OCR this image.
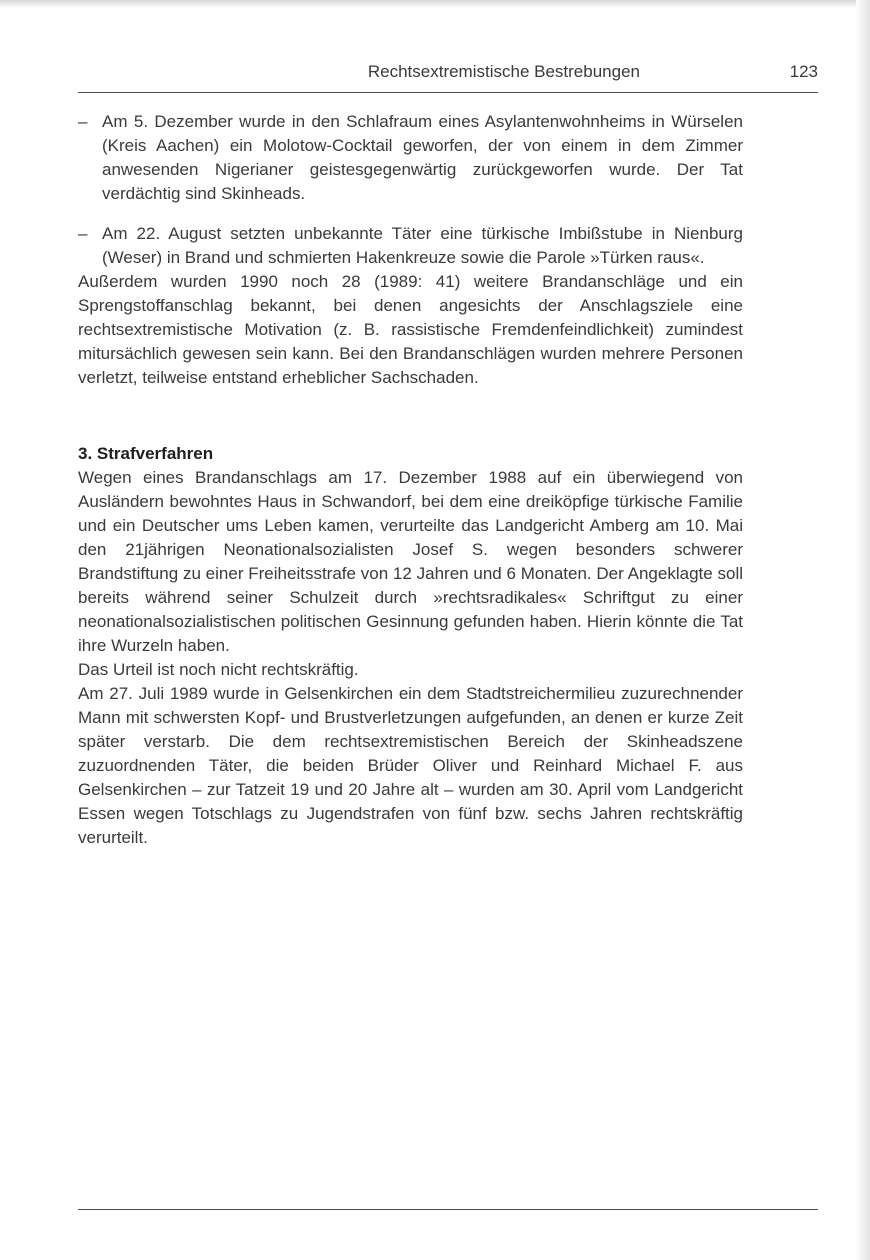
Rechtsextremistische Bestrebungen	123
– Am 5. Dezember wurde in den Schlafraum eines Asylantenwohnheims in Würselen (Kreis Aachen) ein Molotow-Cocktail geworfen, der von einem in dem Zimmer anwesenden Nigerianer geistesgegenwärtig zurückgeworfen wurde. Der Tat verdächtig sind Skinheads.

– Am 22. August setzten unbekannte Täter eine türkische Imbißstube in Nienburg (Weser) in Brand und schmierten Hakenkreuze sowie die Parole »Türken raus«.

Außerdem wurden 1990 noch 28 (1989: 41) weitere Brandanschläge und ein Sprengstoffanschlag bekannt, bei denen angesichts der Anschlagsziele eine rechtsextremistische Motivation (z. B. rassistische Fremdenfeindlichkeit) zumindest mitursächlich gewesen sein kann. Bei den Brandanschlägen wurden mehrere Personen verletzt, teilweise entstand erheblicher Sachschaden.

3. Strafverfahren

Wegen eines Brandanschlags am 17. Dezember 1988 auf ein überwiegend von Ausländern bewohntes Haus in Schwandorf, bei dem eine dreiköpfige türkische Familie und ein Deutscher ums Leben kamen, verurteilte das Landgericht Amberg am 10. Mai den 21jährigen Neonationalsozialisten Josef S. wegen besonders schwerer Brandstiftung zu einer Freiheitsstrafe von 12 Jahren und 6 Monaten. Der Angeklagte soll bereits während seiner Schulzeit durch »rechtsradikales« Schriftgut zu einer neonationalsozialistischen politischen Gesinnung gefunden haben. Hierin könnte die Tat ihre Wurzeln haben.

Das Urteil ist noch nicht rechtskräftig.

Am 27. Juli 1989 wurde in Gelsenkirchen ein dem Stadtstreichermilieu zuzurechnender Mann mit schwersten Kopf- und Brustverletzungen aufgefunden, an denen er kurze Zeit später verstarb. Die dem rechtsextremistischen Bereich der Skinheadszene zuzuordnenden Täter, die beiden Brüder Oliver und Reinhard Michael F. aus Gelsenkirchen – zur Tatzeit 19 und 20 Jahre alt – wurden am 30. April vom Landgericht Essen wegen Totschlags zu Jugendstrafen von fünf bzw. sechs Jahren rechtskräftig verurteilt.
